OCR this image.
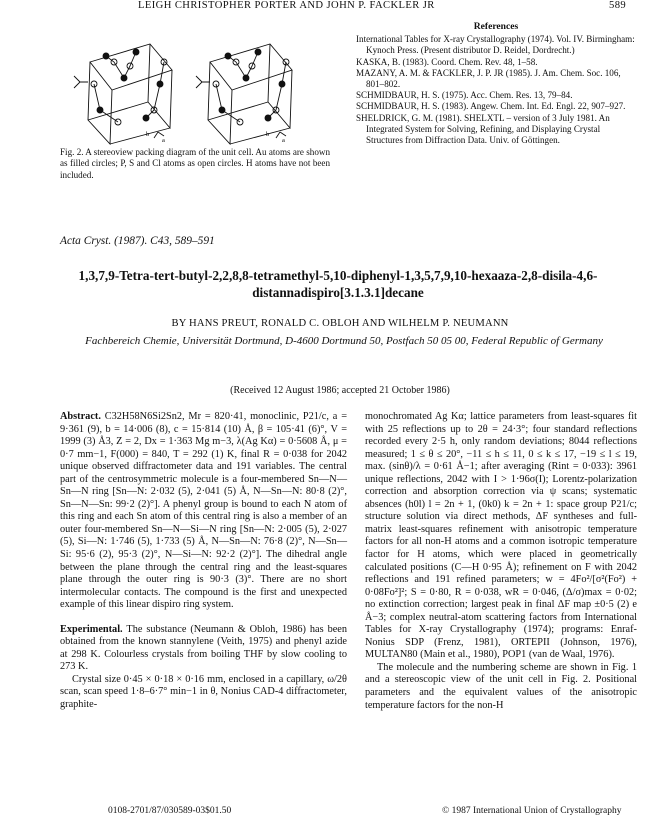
LEIGH CHRISTOPHER PORTER AND JOHN P. FACKLER JR	589
b
a
b
a
Fig. 2. A stereoview packing diagram of the unit cell. Au atoms are shown as filled circles; P, S and Cl atoms as open circles. H atoms have not been included.
References

International Tables for X-ray Crystallography (1974). Vol. IV. Birmingham: Kynoch Press. (Present distributor D. Reidel, Dordrecht.)

KASKA, B. (1983). Coord. Chem. Rev. 48, 1–58.

MAZANY, A. M. & FACKLER, J. P. JR (1985). J. Am. Chem. Soc. 106, 801–802.

SCHMIDBAUR, H. S. (1975). Acc. Chem. Res. 13, 79–84.

SCHMIDBAUR, H. S. (1983). Angew. Chem. Int. Ed. Engl. 22, 907–927.

SHELDRICK, G. M. (1981). SHELXTL – version of 3 July 1981. An Integrated System for Solving, Refining, and Displaying Crystal Structures from Diffraction Data. Univ. of Göttingen.

Acta Cryst. (1987). C43, 589–591
1,3,7,9-Tetra-tert-butyl-2,2,8,8-tetramethyl-5,10-diphenyl-1,3,5,7,9,10-hexaaza-2,8-disila-4,6-distannadispiro[3.1.3.1]decane
BY HANS PREUT, RONALD C. OBLOH AND WILHELM P. NEUMANN
Fachbereich Chemie, Universität Dortmund, D-4600 Dortmund 50, Postfach 50 05 00, Federal Republic of Germany
(Received 12 August 1986; accepted 21 October 1986)

Abstract. C32H58N6Si2Sn2, Mr = 820·41, monoclinic, P21/c, a = 9·361 (9), b = 14·006 (8), c = 15·814 (10) Å, β = 105·41 (6)°, V = 1999 (3) Å3, Z = 2, Dx = 1·363 Mg m−3, λ(Ag Kα) = 0·5608 Å, μ = 0·7 mm−1, F(000) = 840, T = 292 (1) K, final R = 0·038 for 2042 unique observed diffractometer data and 191 variables. The central part of the centrosymmetric molecule is a four-membered Sn—N—Sn—N ring [Sn—N: 2·032 (5), 2·041 (5) Å, N—Sn—N: 80·8 (2)°, Sn—N—Sn: 99·2 (2)°]. A phenyl group is bound to each N atom of this ring and each Sn atom of this central ring is also a member of an outer four-membered Sn—N—Si—N ring [Sn—N: 2·005 (5), 2·027 (5), Si—N: 1·746 (5), 1·733 (5) Å, N—Sn—N: 76·8 (2)°, N—Sn—Si: 95·6 (2), 95·3 (2)°, N—Si—N: 92·2 (2)°]. The dihedral angle between the plane through the central ring and the least-squares plane through the outer ring is 90·3 (3)°. There are no short intermolecular contacts. The compound is the first and unexpected example of this linear dispiro ring system.

Experimental. The substance (Neumann & Obloh, 1986) has been obtained from the known stannylene (Veith, 1975) and phenyl azide at 298 K. Colourless crystals from boiling THF by slow cooling to 273 K.

Crystal size 0·45 × 0·18 × 0·16 mm, enclosed in a capillary, ω/2θ scan, scan speed 1·8–6·7° min−1 in θ, Nonius CAD-4 diffractometer, graphite-

monochromated Ag Kα; lattice parameters from least-squares fit with 25 reflections up to 2θ = 24·3°; four standard reflections recorded every 2·5 h, only random deviations; 8044 reflections measured; 1 ≤ θ ≤ 20°, −11 ≤ h ≤ 11, 0 ≤ k ≤ 17, −19 ≤ l ≤ 19, max. (sinθ)/λ = 0·61 Å−1; after averaging (Rint = 0·033): 3961 unique reflections, 2042 with I > 1·96σ(I); Lorentz-polarization correction and absorption correction via ψ scans; systematic absences (h0l) l = 2n + 1, (0k0) k = 2n + 1: space group P21/c; structure solution via direct methods, ΔF syntheses and full-matrix least-squares refinement with anisotropic temperature factors for all non-H atoms and a common isotropic temperature factor for H atoms, which were placed in geometrically calculated positions (C—H 0·95 Å); refinement on F with 2042 reflections and 191 refined parameters; w = 4Fo²/[σ²(Fo²) + 0·08Fo²]²; S = 0·80, R = 0·038, wR = 0·046, (Δ/σ)max = 0·02; no extinction correction; largest peak in final ΔF map ±0·5 (2) e Å−3; complex neutral-atom scattering factors from International Tables for X-ray Crystallography (1974); programs: Enraf-Nonius SDP (Frenz, 1981), ORTEPII (Johnson, 1976), MULTAN80 (Main et al., 1980), POP1 (van de Waal, 1976).

The molecule and the numbering scheme are shown in Fig. 1 and a stereoscopic view of the unit cell in Fig. 2. Positional parameters and the equivalent values of the anisotropic temperature factors for the non-H

0108-2701/87/030589-03$01.50	© 1987 International Union of Crystallography
